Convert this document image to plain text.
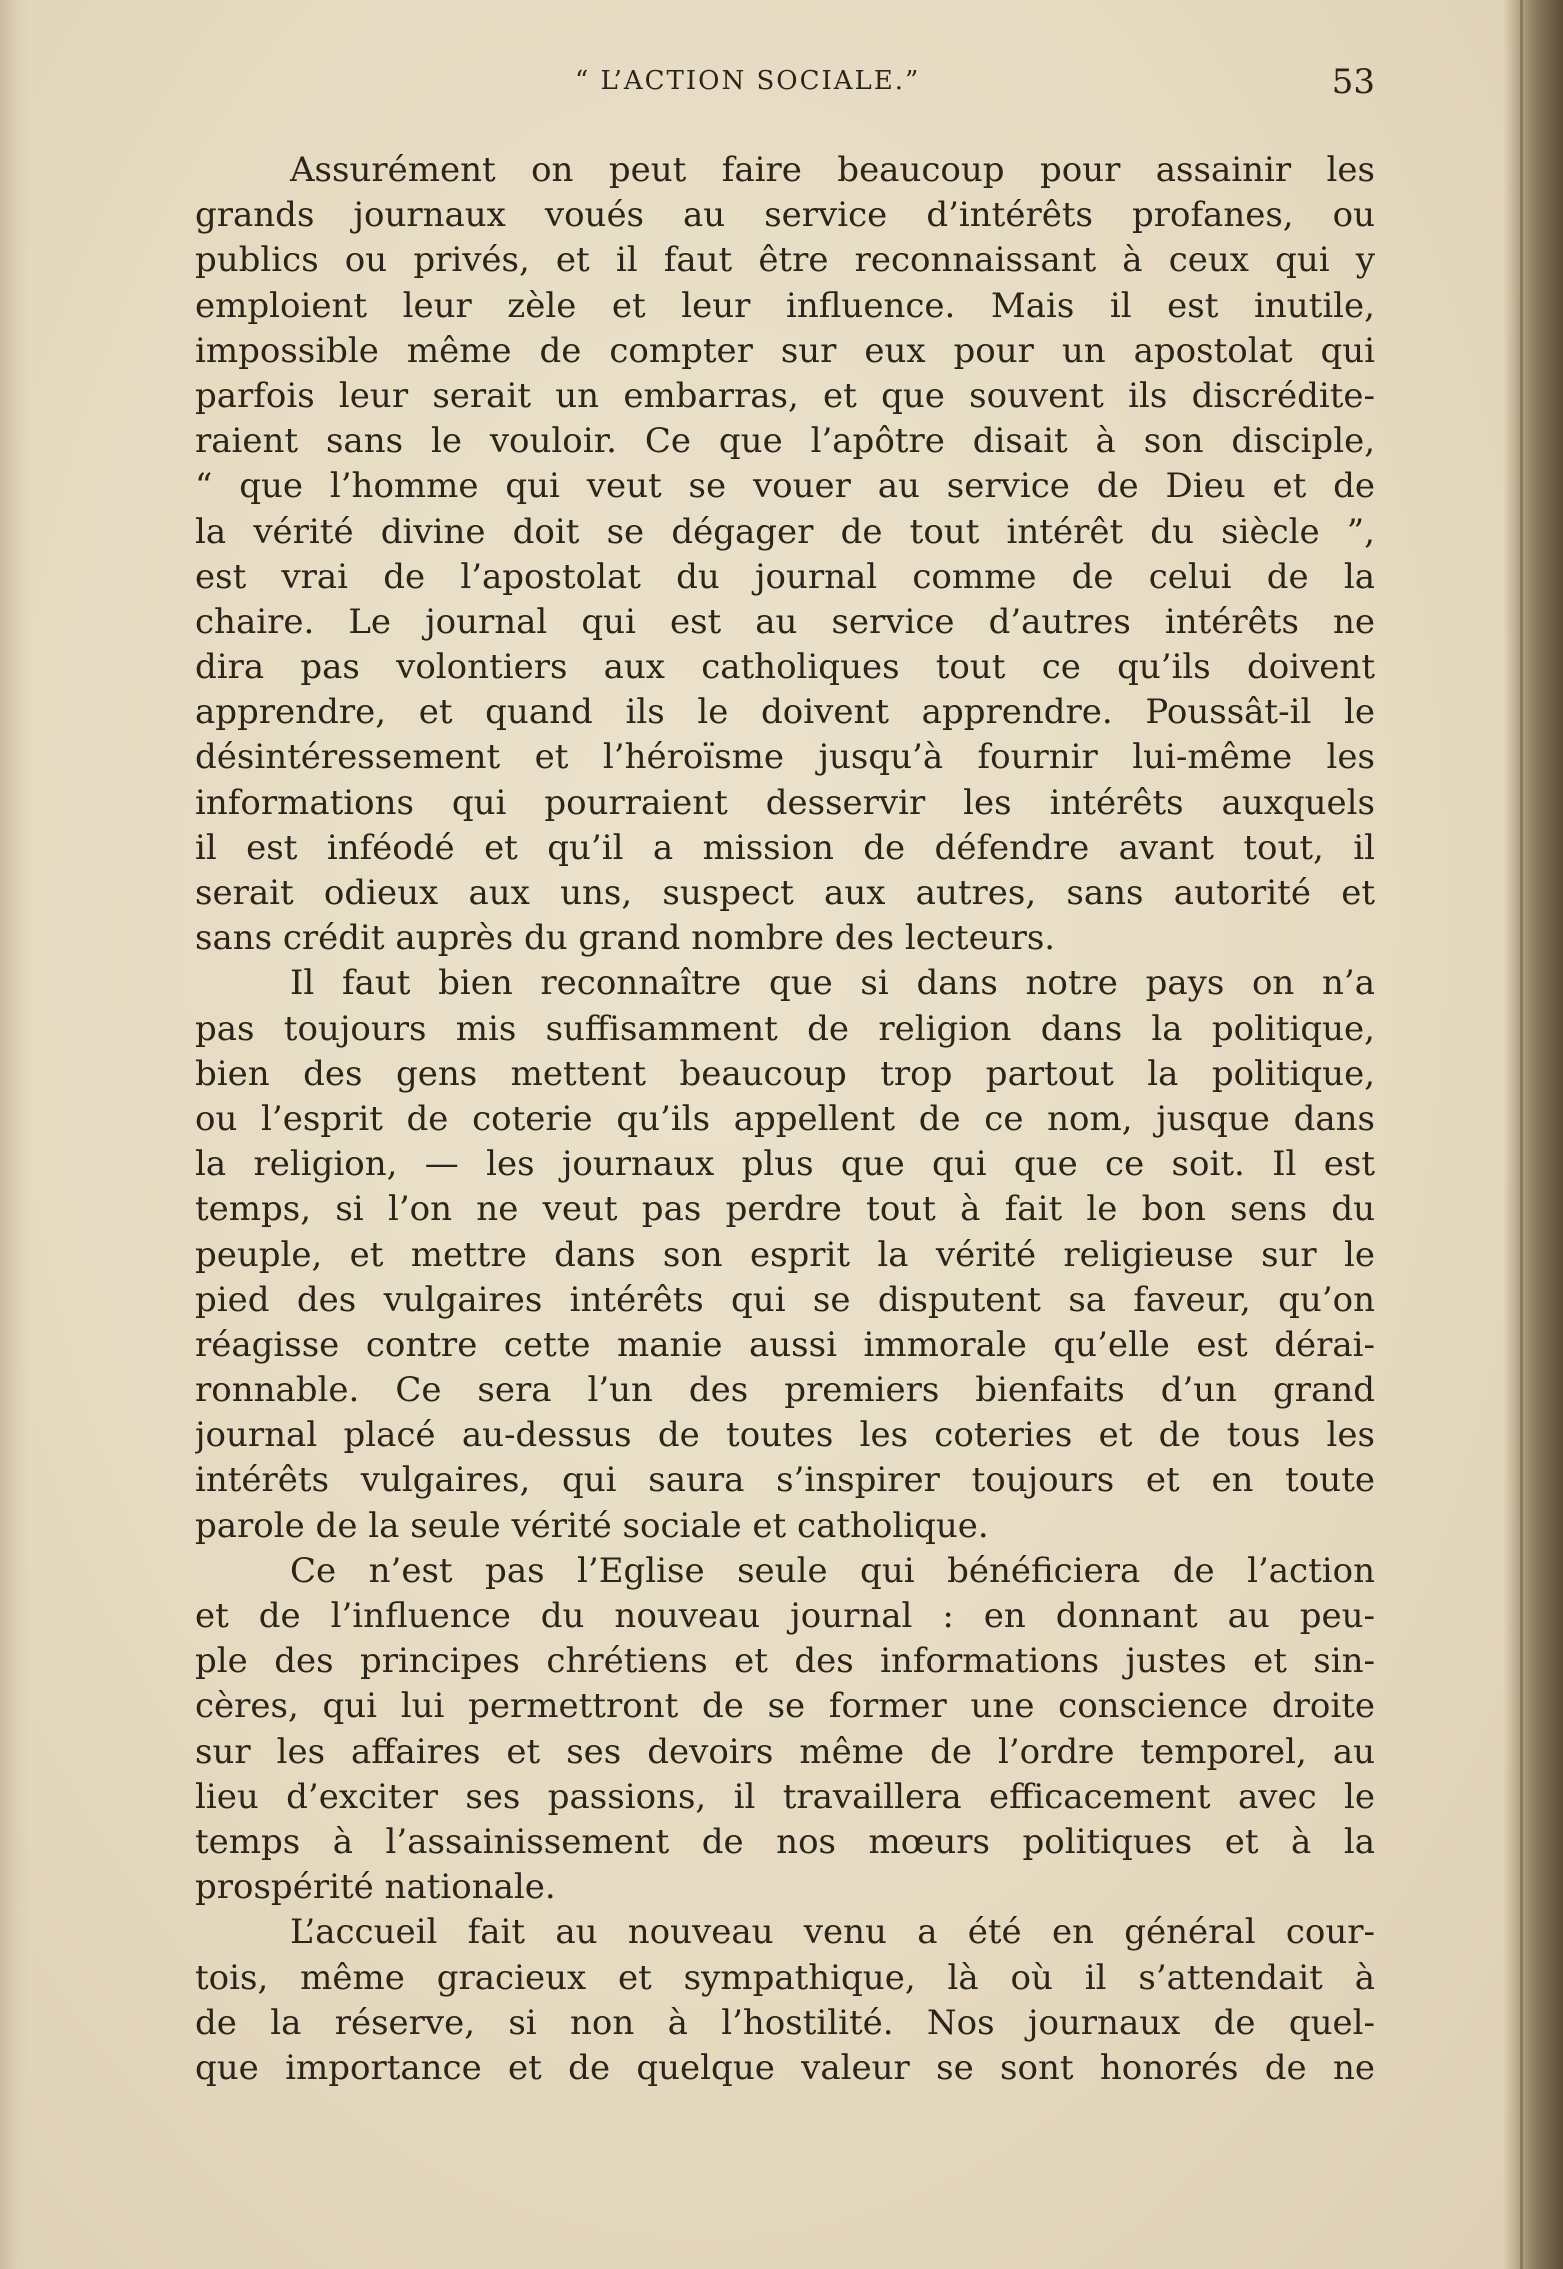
“ L’ACTION SOCIALE.”	53
Assurément on peut faire beaucoup pour assainir les
grands journaux voués au service d’intérêts profanes, ou
publics ou privés, et il faut être reconnaissant à ceux qui y
emploient leur zèle et leur influence. Mais il est inutile,
impossible même de compter sur eux pour un apostolat qui
parfois leur serait un embarras, et que souvent ils discrédite-
raient sans le vouloir. Ce que l’apôtre disait à son disciple,
“ que l’homme qui veut se vouer au service de Dieu et de
la vérité divine doit se dégager de tout intérêt du siècle ”,
est vrai de l’apostolat du journal comme de celui de la
chaire. Le journal qui est au service d’autres intérêts ne
dira pas volontiers aux catholiques tout ce qu’ils doivent
apprendre, et quand ils le doivent apprendre. Poussât-il le
désintéressement et l’héroïsme jusqu’à fournir lui-même les
informations qui pourraient desservir les intérêts auxquels
il est inféodé et qu’il a mission de défendre avant tout, il
serait odieux aux uns, suspect aux autres, sans autorité et
sans crédit auprès du grand nombre des lecteurs.
Il faut bien reconnaître que si dans notre pays on n’a
pas toujours mis suffisamment de religion dans la politique,
bien des gens mettent beaucoup trop partout la politique,
ou l’esprit de coterie qu’ils appellent de ce nom, jusque dans
la religion, — les journaux plus que qui que ce soit. Il est
temps, si l’on ne veut pas perdre tout à fait le bon sens du
peuple, et mettre dans son esprit la vérité religieuse sur le
pied des vulgaires intérêts qui se disputent sa faveur, qu’on
réagisse contre cette manie aussi immorale qu’elle est dérai-
ronnable. Ce sera l’un des premiers bienfaits d’un grand
journal placé au-dessus de toutes les coteries et de tous les
intérêts vulgaires, qui saura s’inspirer toujours et en toute
parole de la seule vérité sociale et catholique.
Ce n’est pas l’Eglise seule qui bénéficiera de l’action
et de l’influence du nouveau journal : en donnant au peu-
ple des principes chrétiens et des informations justes et sin-
cères, qui lui permettront de se former une conscience droite
sur les affaires et ses devoirs même de l’ordre temporel, au
lieu d’exciter ses passions, il travaillera efficacement avec le
temps à l’assainissement de nos mœurs politiques et à la
prospérité nationale.
L’accueil fait au nouveau venu a été en général cour-
tois, même gracieux et sympathique, là où il s’attendait à
de la réserve, si non à l’hostilité. Nos journaux de quel-
que importance et de quelque valeur se sont honorés de ne
